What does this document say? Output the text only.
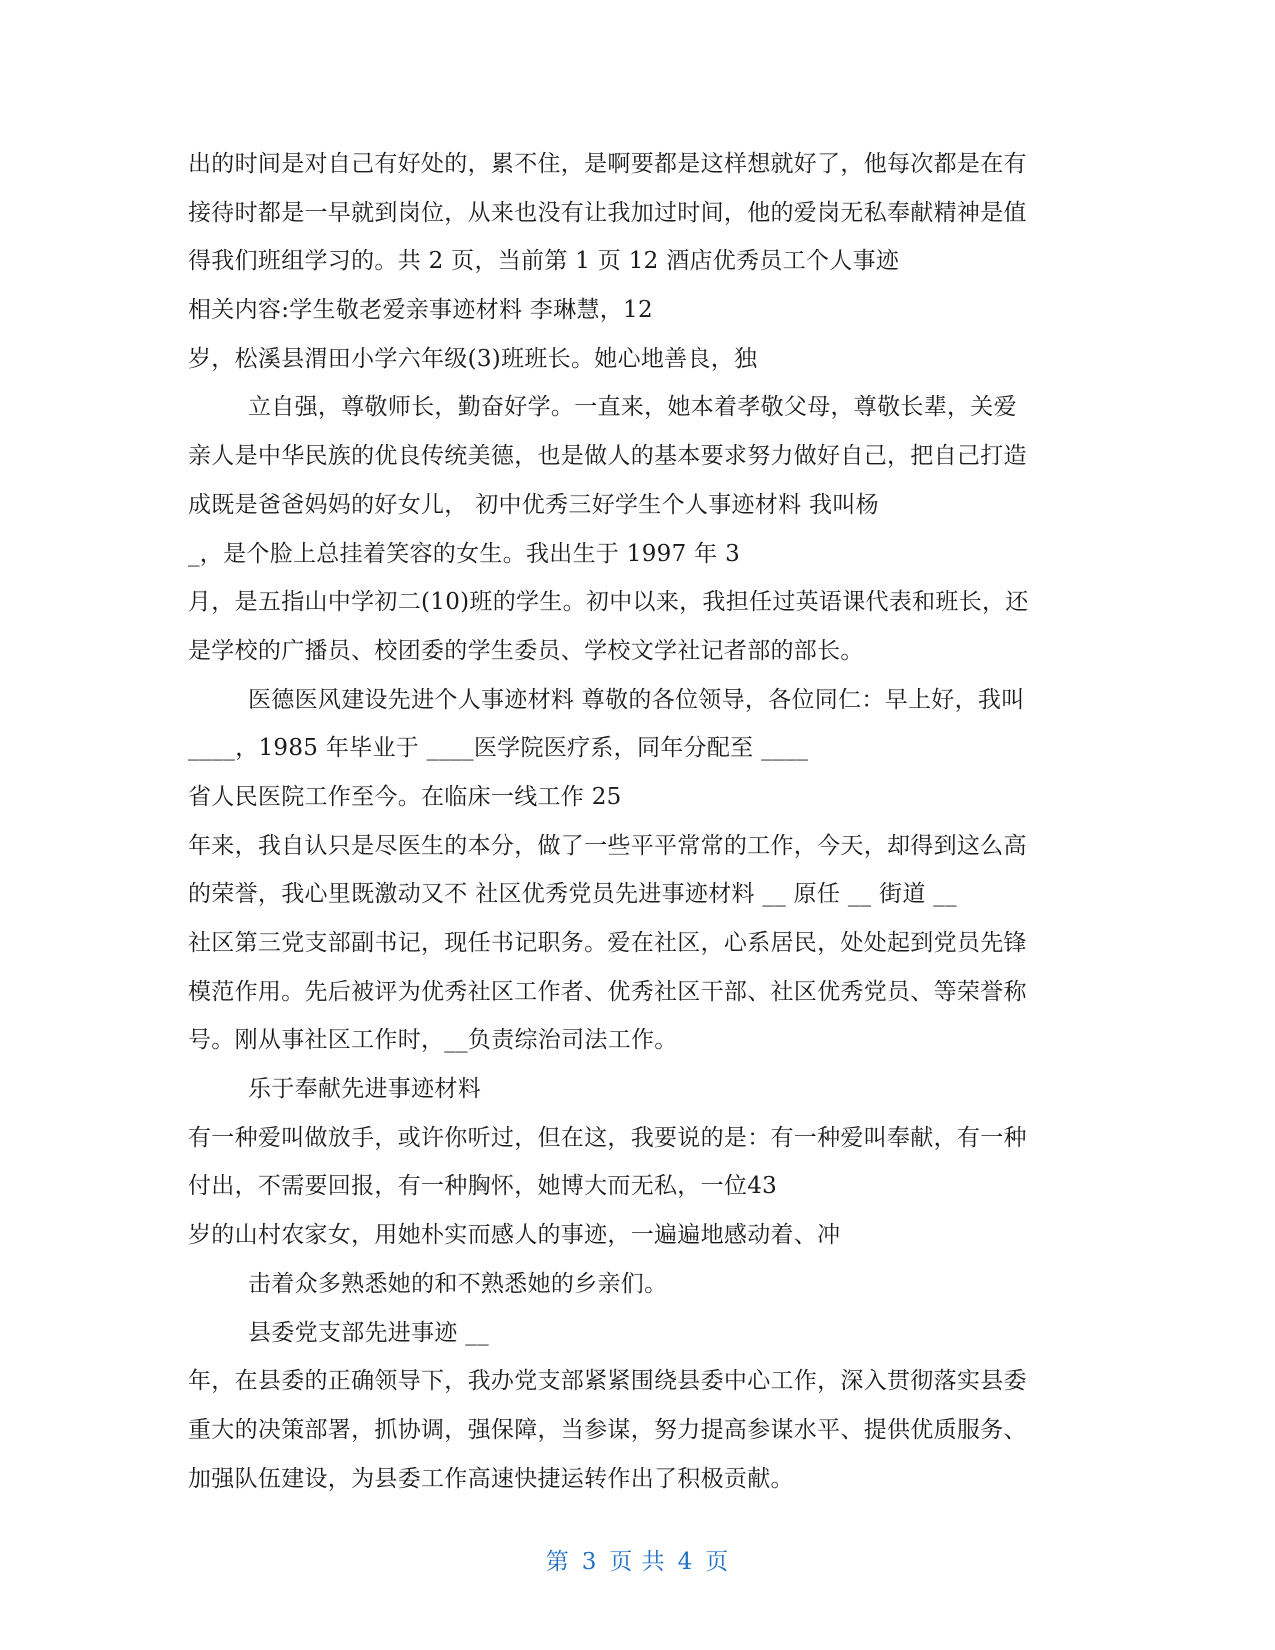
出的时间是对自己有好处的，累不住，是啊要都是这样想就好了，他每次都是在有
接待时都是一早就到岗位，从来也没有让我加过时间，他的爱岗无私奉献精神是值
得我们班组学习的。共 2 页，当前第 1 页 12 酒店优秀员工个人事迹
相关内容:学生敬老爱亲事迹材料 李琳慧，12
岁，松溪县渭田小学六年级(3)班班长。她心地善良，独
立自强，尊敬师长，勤奋好学。一直来，她本着孝敬父母，尊敬长辈，关爱
亲人是中华民族的优良传统美德，也是做人的基本要求努力做好自己，把自己打造
成既是爸爸妈妈的好女儿， 初中优秀三好学生个人事迹材料 我叫杨
_，是个脸上总挂着笑容的女生。我出生于 1997 年 3
月，是五指山中学初二(10)班的学生。初中以来，我担任过英语课代表和班长，还
是学校的广播员、校团委的学生委员、学校文学社记者部的部长。
医德医风建设先进个人事迹材料 尊敬的各位领导，各位同仁：早上好，我叫
____，1985 年毕业于 ____医学院医疗系，同年分配至 ____
省人民医院工作至今。在临床一线工作 25
年来，我自认只是尽医生的本分，做了一些平平常常的工作，今天，却得到这么高
的荣誉，我心里既激动又不 社区优秀党员先进事迹材料 __ 原任 __ 街道 __
社区第三党支部副书记，现任书记职务。爱在社区，心系居民，处处起到党员先锋
模范作用。先后被评为优秀社区工作者、优秀社区干部、社区优秀党员、等荣誉称
号。刚从事社区工作时，__负责综治司法工作。
乐于奉献先进事迹材料
有一种爱叫做放手，或许你听过，但在这，我要说的是：有一种爱叫奉献，有一种
付出，不需要回报，有一种胸怀，她博大而无私，一位43
岁的山村农家女，用她朴实而感人的事迹，一遍遍地感动着、冲
击着众多熟悉她的和不熟悉她的乡亲们。
县委党支部先进事迹 __
年，在县委的正确领导下，我办党支部紧紧围绕县委中心工作，深入贯彻落实县委
重大的决策部署，抓协调，强保障，当参谋，努力提高参谋水平、提供优质服务、
加强队伍建设，为县委工作高速快捷运转作出了积极贡献。
第 3 页 共 4 页
